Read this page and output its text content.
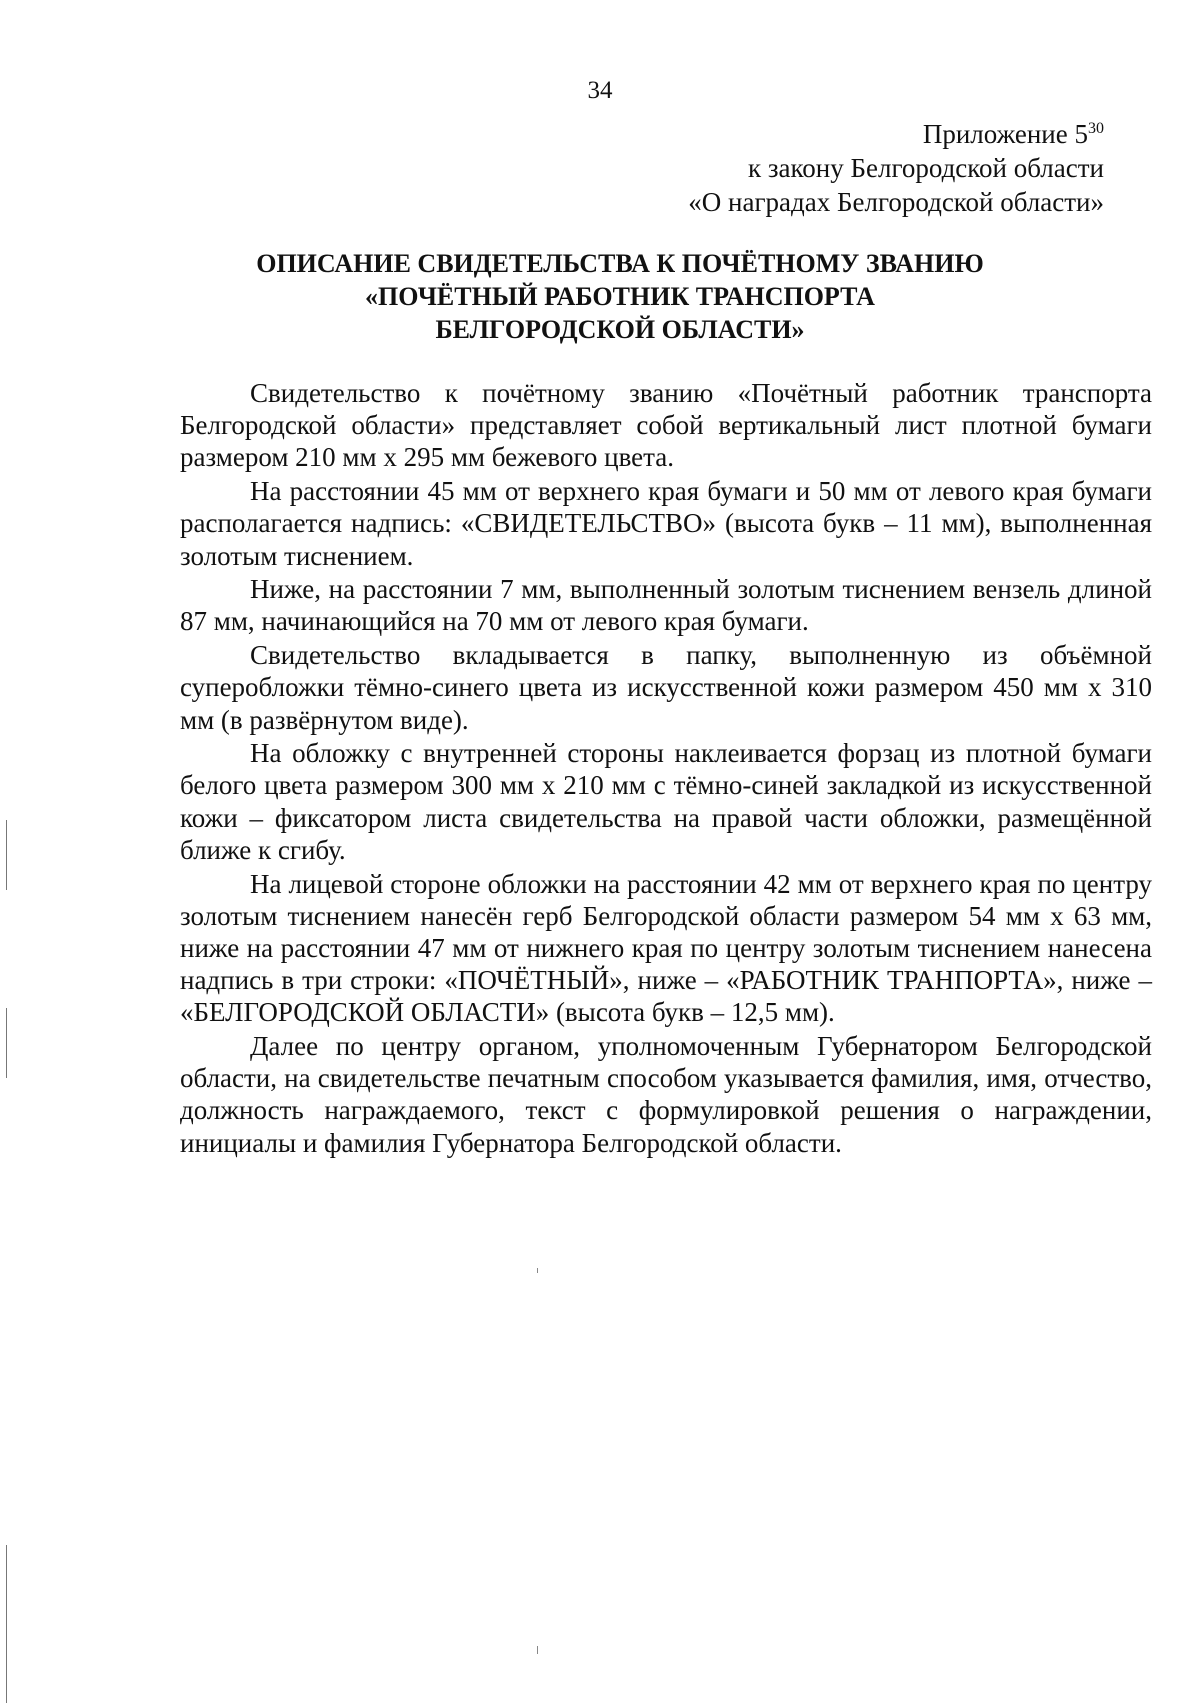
34
Приложение $5^{30}$
к закону Белгородской области
«О наградах Белгородской области»
ОПИСАНИЕ СВИДЕТЕЛЬСТВА К ПОЧЁТНОМУ ЗВАНИЮ
«ПОЧЁТНЫЙ РАБОТНИК ТРАНСПОРТА
БЕЛГОРОДСКОЙ ОБЛАСТИ»

Свидетельство к почётному званию «Почётный работник транспорта Белгородской области» представляет собой вертикальный лист плотной бумаги размером 210 мм х 295 мм бежевого цвета.

На расстоянии 45 мм от верхнего края бумаги и 50 мм от левого края бумаги располагается надпись: «СВИДЕТЕЛЬСТВО» (высота букв – 11 мм), выполненная золотым тиснением.

Ниже, на расстоянии 7 мм, выполненный золотым тиснением вензель длиной 87 мм, начинающийся на 70 мм от левого края бумаги.

Свидетельство вкладывается в папку, выполненную из объёмной суперобложки тёмно-синего цвета из искусственной кожи размером 450 мм х 310 мм (в развёрнутом виде).

На обложку с внутренней стороны наклеивается форзац из плотной бумаги белого цвета размером 300 мм х 210 мм с тёмно-синей закладкой из искусственной кожи – фиксатором листа свидетельства на правой части обложки, размещённой ближе к сгибу.

На лицевой стороне обложки на расстоянии 42 мм от верхнего края по центру золотым тиснением нанесён герб Белгородской области размером 54 мм х 63 мм, ниже на расстоянии 47 мм от нижнего края по центру золотым тиснением нанесена надпись в три строки: «ПОЧЁТНЫЙ», ниже – «РАБОТНИК ТРАНПОРТА», ниже – «БЕЛГОРОДСКОЙ ОБЛАСТИ» (высота букв – 12,5 мм).

Далее по центру органом, уполномоченным Губернатором Белгородской области, на свидетельстве печатным способом указывается фамилия, имя, отчество, должность награждаемого, текст с формулировкой решения о награждении, инициалы и фамилия Губернатора Белгородской области.
